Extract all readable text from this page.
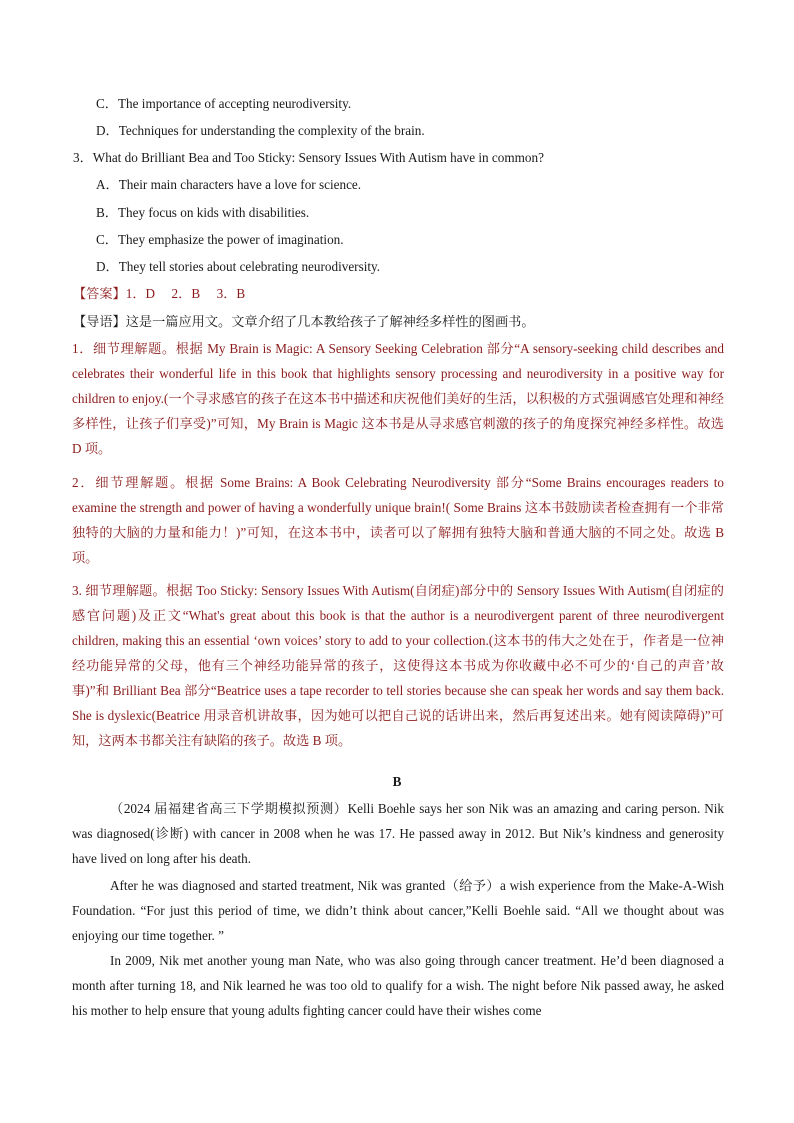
C．The importance of accepting neurodiversity.
D．Techniques for understanding the complexity of the brain.
3．What do Brilliant Bea and Too Sticky: Sensory Issues With Autism have in common?
A．Their main characters have a love for science.
B．They focus on kids with disabilities.
C．They emphasize the power of imagination.
D．They tell stories about celebrating neurodiversity.
【答案】1．D　 2．B　 3．B
【导语】这是一篇应用文。文章介绍了几本教给孩子了解神经多样性的图画书。
1．细节理解题。根据 My Brain is Magic: A Sensory Seeking Celebration 部分“A sensory-seeking child describes and celebrates their wonderful life in this book that highlights sensory processing and neurodiversity in a positive way for children to enjoy.(一个寻求感官的孩子在这本书中描述和庆祝他们美好的生活，以积极的方式强调感官处理和神经多样性，让孩子们享受)”可知，My Brain is Magic 这本书是从寻求感官刺激的孩子的角度探究神经多样性。故选 D 项。
2．细节理解题。根据 Some Brains: A Book Celebrating Neurodiversity 部分“Some Brains encourages readers to examine the strength and power of having a wonderfully unique brain!( Some Brains 这本书鼓励读者检查拥有一个非常独特的大脑的力量和能力！)”可知，在这本书中，读者可以了解拥有独特大脑和普通大脑的不同之处。故选 B 项。
3. 细节理解题。根据 Too Sticky: Sensory Issues With Autism(自闭症)部分中的 Sensory Issues With Autism(自闭症的感官问题)及正文“What's great about this book is that the author is a neurodivergent parent of three neurodivergent children, making this an essential ‘own voices’ story to add to your collection.(这本书的伟大之处在于，作者是一位神经功能异常的父母，他有三个神经功能异常的孩子，这使得这本书成为你收藏中必不可少的‘自己的声音’故事)”和 Brilliant Bea 部分“Beatrice uses a tape recorder to tell stories because she can speak her words and say them back. She is dyslexic(Beatrice 用录音机讲故事，因为她可以把自己说的话讲出来，然后再复述出来。她有阅读障碍)”可知，这两本书都关注有缺陷的孩子。故选 B 项。
B
（2024 届福建省高三下学期模拟预测）Kelli Boehle says her son Nik was an amazing and caring person. Nik was diagnosed(诊断) with cancer in 2008 when he was 17. He passed away in 2012. But Nik’s kindness and generosity have lived on long after his death.
After he was diagnosed and started treatment, Nik was granted（给予）a wish experience from the Make-A-Wish Foundation. “For just this period of time, we didn’t think about cancer,”Kelli Boehle said. “All we thought about was enjoying our time together. ”
In 2009, Nik met another young man Nate, who was also going through cancer treatment. He’d been diagnosed a month after turning 18, and Nik learned he was too old to qualify for a wish. The night before Nik passed away, he asked his mother to help ensure that young adults fighting cancer could have their wishes come
